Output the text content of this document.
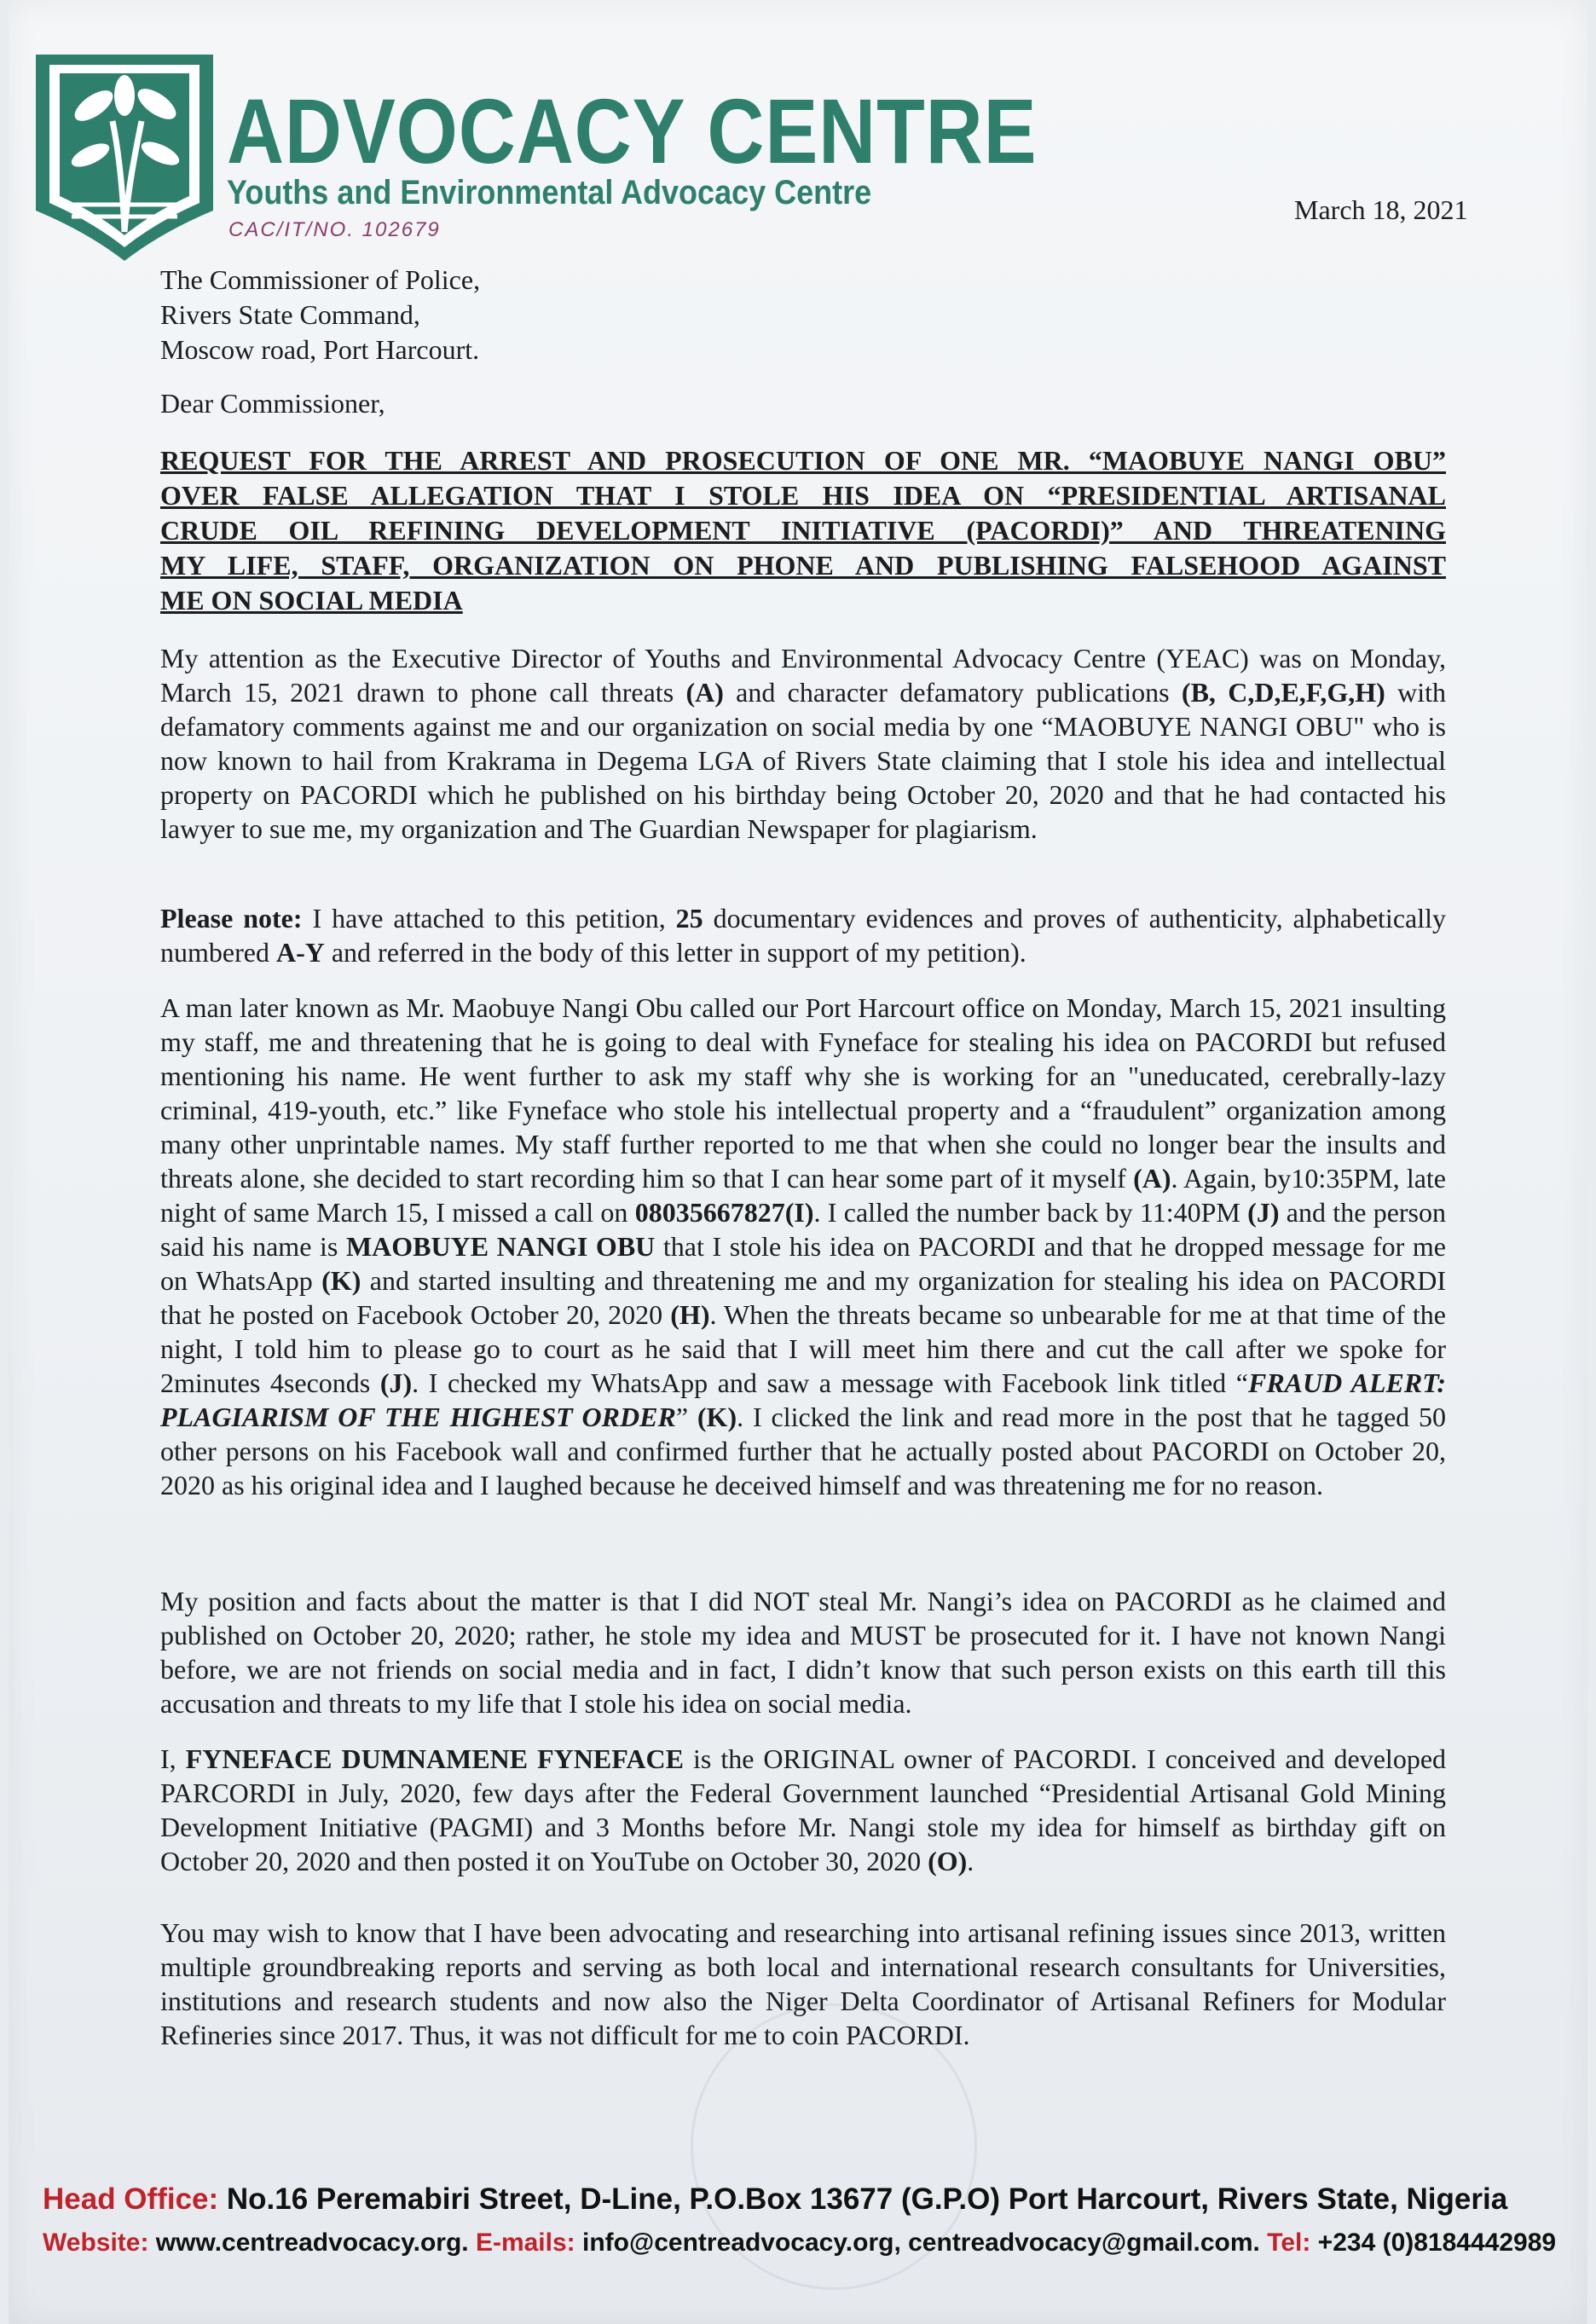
ADVOCACY CENTRE
Youths and Environmental Advocacy Centre
CAC/IT/NO. 102679
March 18, 2021
The Commissioner of Police,
Rivers State Command,
Moscow road, Port Harcourt.
Dear Commissioner,
REQUEST FOR THE ARREST AND PROSECUTION OF ONE MR. “MAOBUYE NANGI OBU”
OVER FALSE ALLEGATION THAT I STOLE HIS IDEA ON “PRESIDENTIAL ARTISANAL
CRUDE OIL REFINING DEVELOPMENT INITIATIVE (PACORDI)” AND THREATENING
MY LIFE, STAFF, ORGANIZATION ON PHONE AND PUBLISHING FALSEHOOD AGAINST
ME ON SOCIAL MEDIA

My attention as the Executive Director of Youths and Environmental Advocacy Centre (YEAC) was on Monday, March 15, 2021 drawn to phone call threats (A) and character defamatory publications (B, C,D,E,F,G,H) with defamatory comments against me and our organization on social media by one “MAOBUYE NANGI OBU" who is now known to hail from Krakrama in Degema LGA of Rivers State claiming that I stole his idea and intellectual property on PACORDI which he published on his birthday being October 20, 2020 and that he had contacted his lawyer to sue me, my organization and The Guardian Newspaper for plagiarism.

Please note: I have attached to this petition, 25 documentary evidences and proves of authenticity, alphabetically numbered A-Y and referred in the body of this letter in support of my petition).

A man later known as Mr. Maobuye Nangi Obu called our Port Harcourt office on Monday, March 15, 2021 insulting my staff, me and threatening that he is going to deal with Fyneface for stealing his idea on PACORDI but refused mentioning his name. He went further to ask my staff why she is working for an "uneducated, cerebrally-lazy criminal, 419-youth, etc.” like Fyneface who stole his intellectual property and a “fraudulent” organization among many other unprintable names. My staff further reported to me that when she could no longer bear the insults and threats alone, she decided to start recording him so that I can hear some part of it myself (A). Again, by10:35PM, late night of same March 15, I missed a call on 08035667827(I). I called the number back by 11:40PM (J) and the person said his name is MAOBUYE NANGI OBU that I stole his idea on PACORDI and that he dropped message for me on WhatsApp (K) and started insulting and threatening me and my organization for stealing his idea on PACORDI that he posted on Facebook October 20, 2020 (H). When the threats became so unbearable for me at that time of the night, I told him to please go to court as he said that I will meet him there and cut the call after we spoke for 2minutes 4seconds (J). I checked my WhatsApp and saw a message with Facebook link titled “FRAUD ALERT: PLAGIARISM OF THE HIGHEST ORDER” (K). I clicked the link and read more in the post that he tagged 50 other persons on his Facebook wall and confirmed further that he actually posted about PACORDI on October 20, 2020 as his original idea and I laughed because he deceived himself and was threatening me for no reason.

My position and facts about the matter is that I did NOT steal Mr. Nangi’s idea on PACORDI as he claimed and published on October 20, 2020; rather, he stole my idea and MUST be prosecuted for it. I have not known Nangi before, we are not friends on social media and in fact, I didn’t know that such person exists on this earth till this accusation and threats to my life that I stole his idea on social media.

I, FYNEFACE DUMNAMENE FYNEFACE is the ORIGINAL owner of PACORDI. I conceived and developed PARCORDI in July, 2020, few days after the Federal Government launched “Presidential Artisanal Gold Mining Development Initiative (PAGMI) and 3 Months before Mr. Nangi stole my idea for himself as birthday gift on October 20, 2020 and then posted it on YouTube on October 30, 2020 (O).

You may wish to know that I have been advocating and researching into artisanal refining issues since 2013, written multiple groundbreaking reports and serving as both local and international research consultants for Universities, institutions and research students and now also the Niger Delta Coordinator of Artisanal Refiners for Modular Refineries since 2017. Thus, it was not difficult for me to coin PACORDI.

Head Office: No.16 Peremabiri Street, D-Line, P.O.Box 13677 (G.P.O) Port Harcourt, Rivers State, Nigeria
Website: www.centreadvocacy.org. E-mails: info@centreadvocacy.org, centreadvocacy@gmail.com. Tel: +234 (0)8184442989
